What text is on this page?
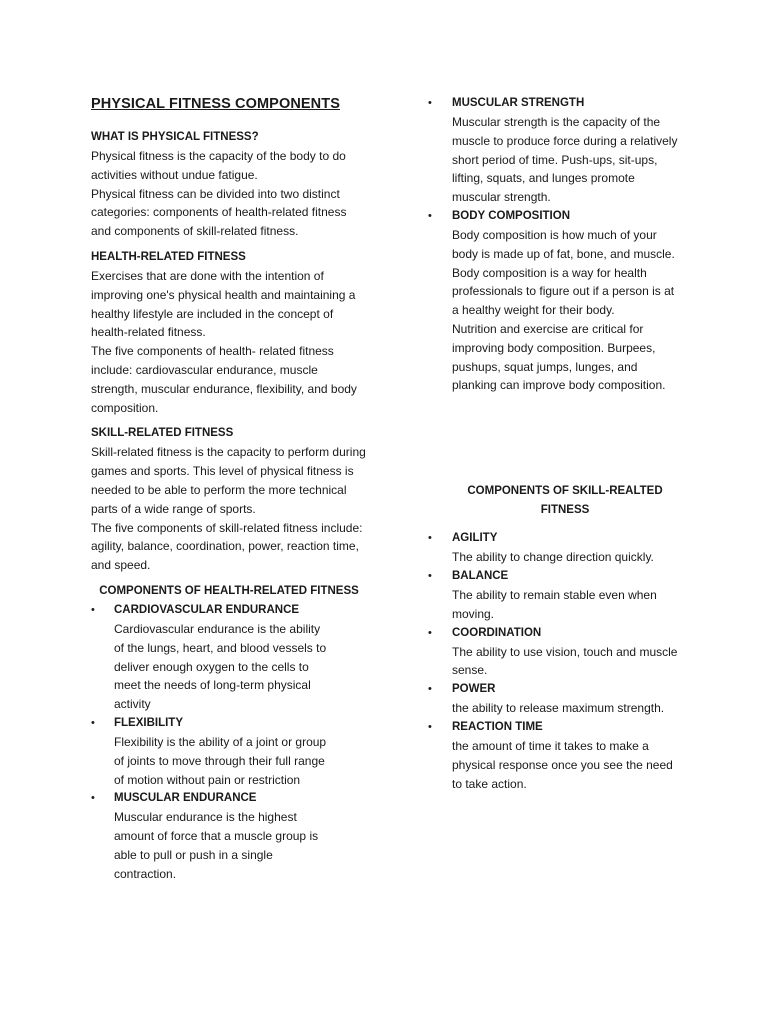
PHYSICAL FITNESS COMPONENTS
WHAT IS PHYSICAL FITNESS?

Physical fitness is the capacity of the body to do activities without undue fatigue.

Physical fitness can be divided into two distinct categories: components of health-related fitness and components of skill-related fitness.

HEALTH-RELATED FITNESS

Exercises that are done with the intention of improving one's physical health and maintaining a healthy lifestyle are included in the concept of health-related fitness.

The five components of health- related fitness include: cardiovascular endurance, muscle strength, muscular endurance, flexibility, and body composition.

SKILL-RELATED FITNESS

Skill-related fitness is the capacity to perform during games and sports. This level of physical fitness is needed to be able to perform the more technical parts of a wide range of sports.

The five components of skill-related fitness include: agility, balance, coordination, power, reaction time, and speed.

COMPONENTS OF HEALTH-RELATED FITNESS
• CARDIOVASCULAR ENDURANCE

Cardiovascular endurance is the ability of the lungs, heart, and blood vessels to deliver enough oxygen to the cells to meet the needs of long-term physical activity

• FLEXIBILITY

Flexibility is the ability of a joint or group of joints to move through their full range of motion without pain or restriction

• MUSCULAR ENDURANCE

Muscular endurance is the highest amount of force that a muscle group is able to pull or push in a single contraction.

• MUSCULAR STRENGTH

Muscular strength is the capacity of the muscle to produce force during a relatively short period of time. Push-ups, sit-ups, lifting, squats, and lunges promote muscular strength.

• BODY COMPOSITION

Body composition is how much of your body is made up of fat, bone, and muscle. Body composition is a way for health professionals to figure out if a person is at a healthy weight for their body.

Nutrition and exercise are critical for improving body composition. Burpees, pushups, squat jumps, lunges, and planking can improve body composition.

COMPONENTS OF SKILL-REALTED FITNESS
• AGILITY

The ability to change direction quickly.

• BALANCE

The ability to remain stable even when moving.

• COORDINATION

The ability to use vision, touch and muscle sense.

• POWER

the ability to release maximum strength.

• REACTION TIME

the amount of time it takes to make a physical response once you see the need to take action.
